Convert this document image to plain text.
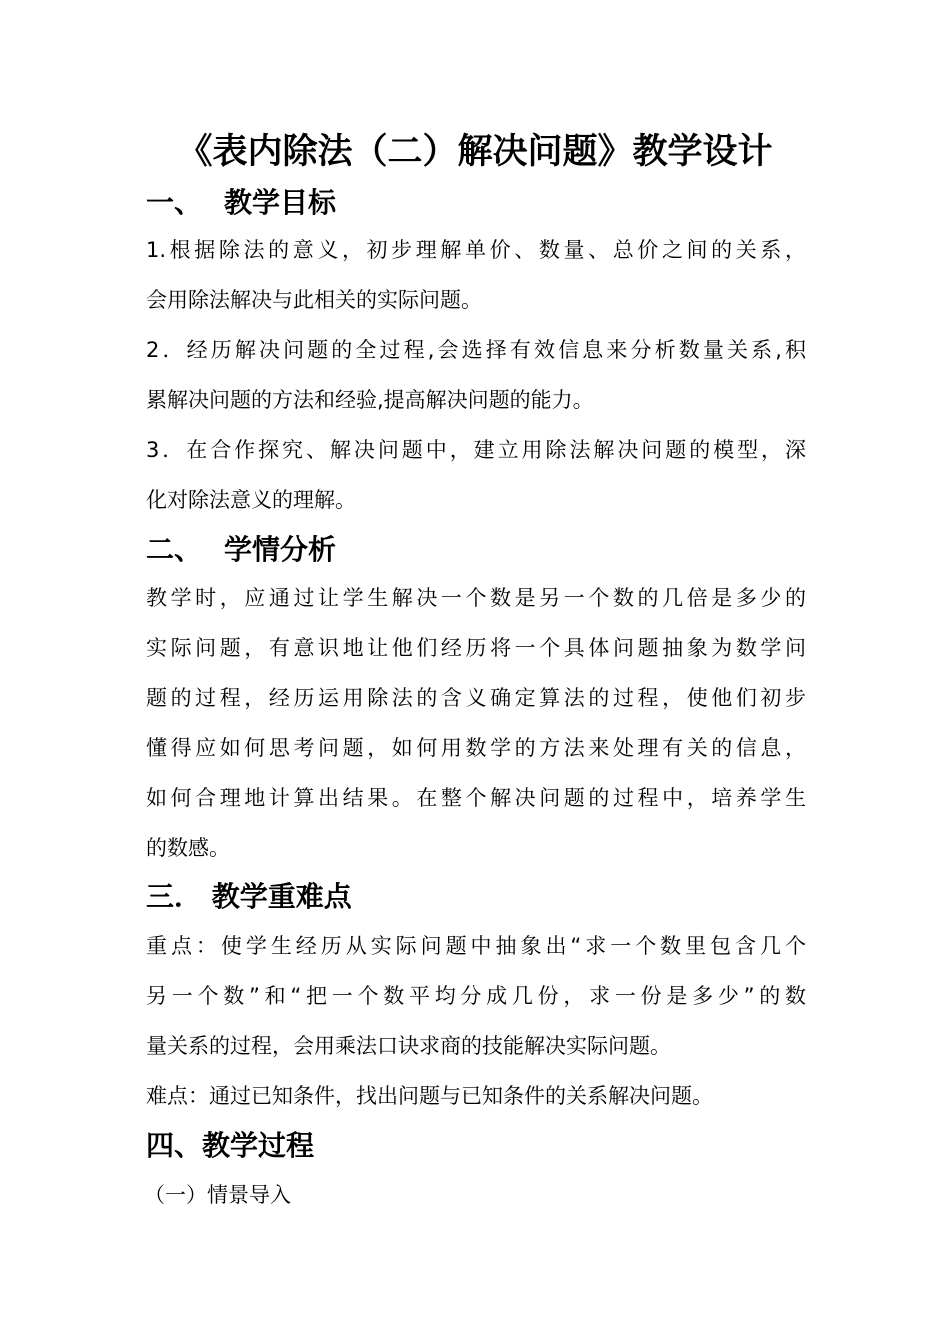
《表内除法（二）解决问题》教学设计
一、 教学目标
1.根据除法的意义，初步理解单价、数量、总价之间的关系，
会用除法解决与此相关的实际问题。
2．经历解决问题的全过程,会选择有效信息来分析数量关系,积
累解决问题的方法和经验,提高解决问题的能力。
3．在合作探究、解决问题中，建立用除法解决问题的模型，深
化对除法意义的理解。
二、 学情分析
教学时，应通过让学生解决一个数是另一个数的几倍是多少的
实际问题，有意识地让他们经历将一个具体问题抽象为数学问
题的过程，经历运用除法的含义确定算法的过程，使他们初步
懂得应如何思考问题，如何用数学的方法来处理有关的信息，
如何合理地计算出结果。在整个解决问题的过程中，培养学生
的数感。
三． 教学重难点
重点：使学生经历从实际问题中抽象出“求一个数里包含几个
另一个数”和“把一个数平均分成几份，求一份是多少”的数
量关系的过程，会用乘法口诀求商的技能解决实际问题。
难点：通过已知条件，找出问题与已知条件的关系解决问题。
四、教学过程
（一）情景导入
